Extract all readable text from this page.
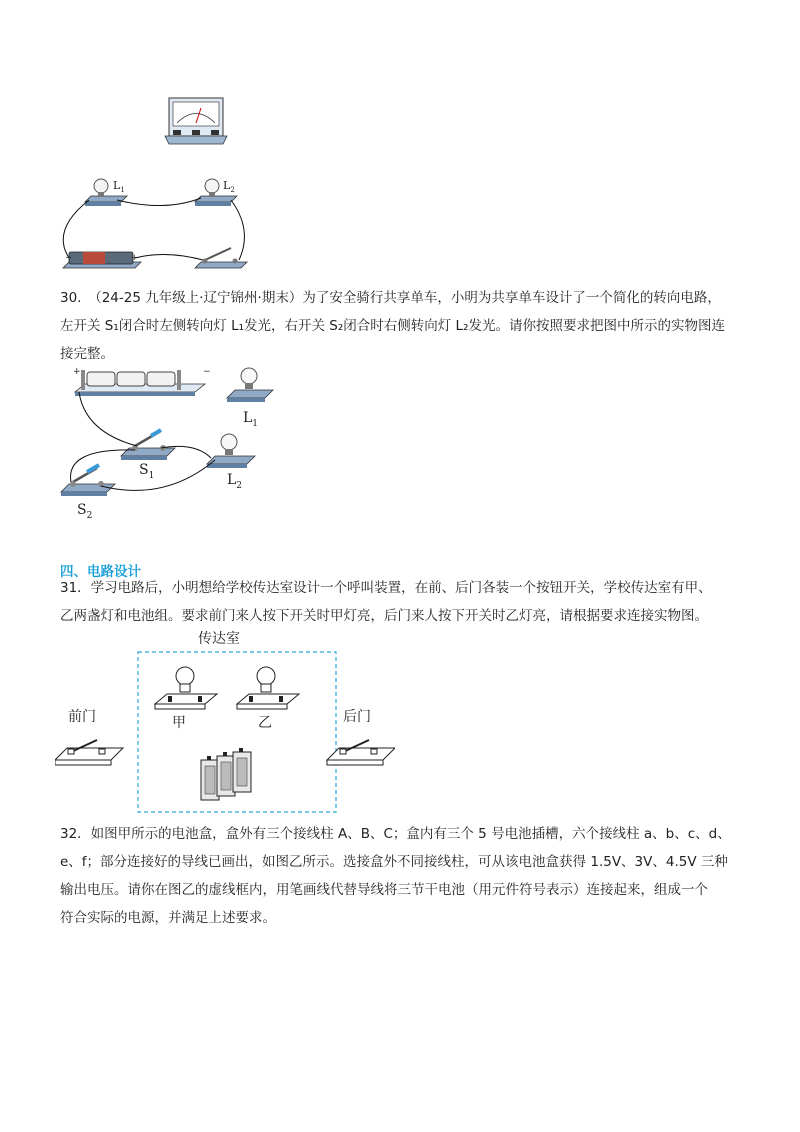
$L_1$	$L_2$
−	+
30.　（24-25 九年级上·辽宁锦州·期末）为了安全骑行共享单车，小明为共享单车设计了一个简化的转向电路，
左开关 S₁闭合时左侧转向灯 L₁发光，右开关 S₂闭合时右侧转向灯 L₂发光。请你按照要求把图中所示的实物图连
接完整。
−
+
$L_1$
$S_1$	$L_2$
$S_2$
四、电路设计
31．学习电路后，小明想给学校传达室设计一个呼叫装置，在前、后门各装一个按钮开关，学校传达室有甲、
乙两盏灯和电池组。要求前门来人按下开关时甲灯亮，后门来人按下开关时乙灯亮，请根据要求连接实物图。
传达室
前门	后门
甲	乙
32．如图甲所示的电池盒，盒外有三个接线柱 A、B、C；盒内有三个 5 号电池插槽，六个接线柱 a、b、c、d、
e、f；部分连接好的导线已画出，如图乙所示。选接盒外不同接线柱，可从该电池盒获得 1.5V、3V、4.5V 三种
输出电压。请你在图乙的虚线框内，用笔画线代替导线将三节干电池（用元件符号表示）连接起来，组成一个
符合实际的电源，并满足上述要求。
